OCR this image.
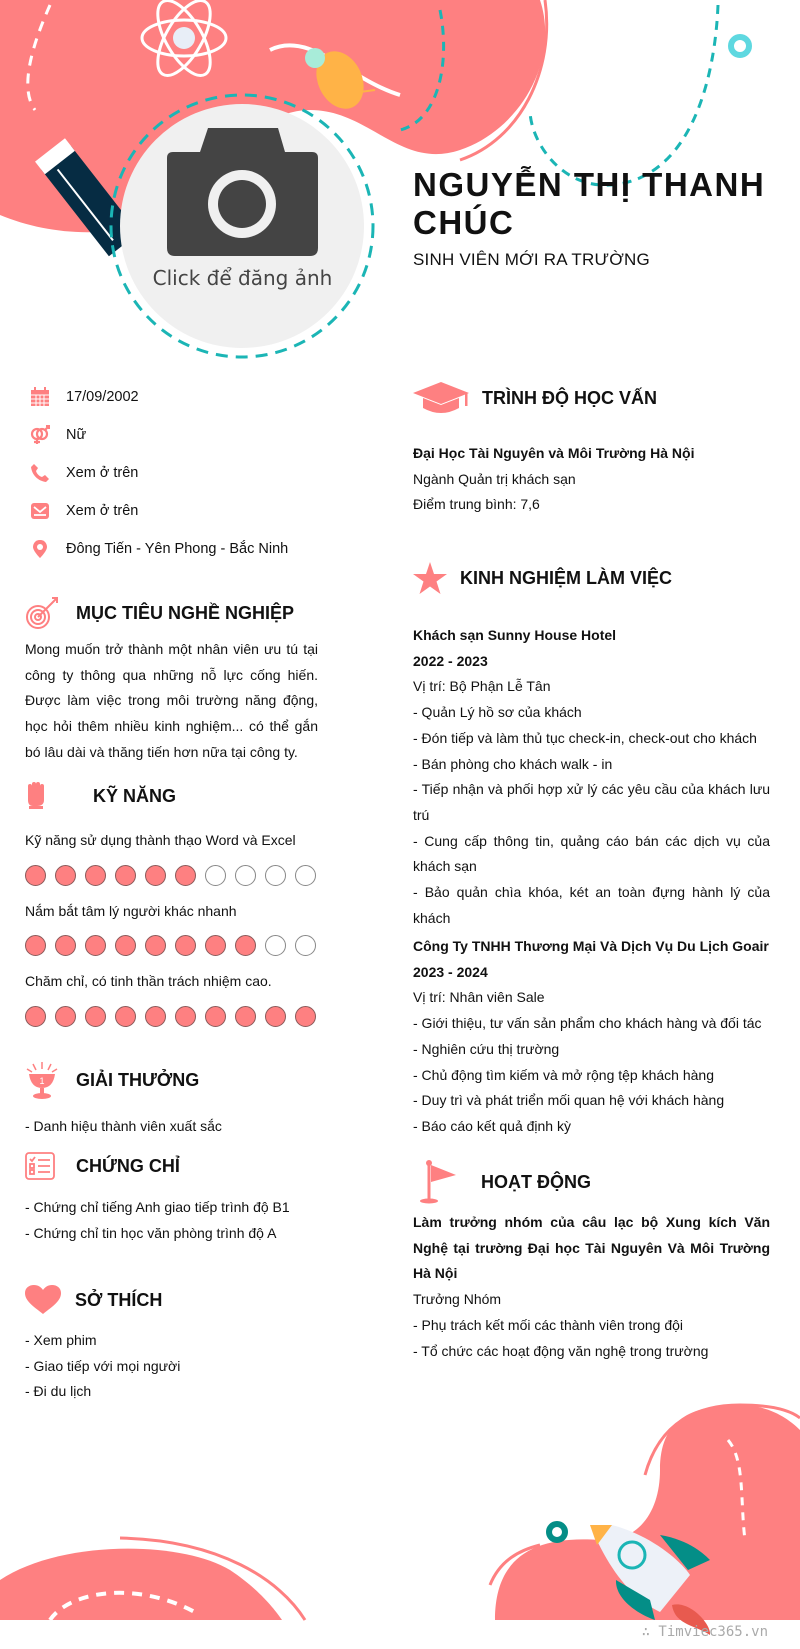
Click để đăng ảnh
NGUYỄN THỊ THANH CHÚC
SINH VIÊN MỚI RA TRƯỜNG
17/09/2002
Nữ
Xem ở trên
Xem ở trên
Đông Tiến - Yên Phong - Bắc Ninh
MỤC TIÊU NGHỀ NGHIỆP
Mong muốn trở thành một nhân viên ưu tú tại công ty thông qua những nỗ lực cống hiến. Được làm việc trong môi trường năng động, học hỏi thêm nhiều kinh nghiệm... có thể gắn bó lâu dài và thăng tiến hơn nữa tại công ty.
KỸ NĂNG
Kỹ năng sử dụng thành thạo Word và Excel
Nắm bắt tâm lý người khác nhanh
Chăm chỉ, có tinh thần trách nhiệm cao.
1 GIẢI THƯỞNG
- Danh hiệu thành viên xuất sắc
CHỨNG CHỈ
- Chứng chỉ tiếng Anh giao tiếp trình độ B1
- Chứng chỉ tin học văn phòng trình độ A
SỞ THÍCH
- Xem phim
- Giao tiếp với mọi người
- Đi du lịch
TRÌNH ĐỘ HỌC VẤN
Đại Học Tài Nguyên và Môi Trường Hà Nội
Ngành Quản trị khách sạn
Điểm trung bình: 7,6
KINH NGHIỆM LÀM VIỆC
Khách sạn Sunny House Hotel
2022 - 2023
Vị trí: Bộ Phận Lễ Tân
- Quản Lý hồ sơ của khách
- Đón tiếp và làm thủ tục check-in, check-out cho khách
- Bán phòng cho khách walk - in
- Tiếp nhận và phối hợp xử lý các yêu cầu của khách lưu trú
- Cung cấp thông tin, quảng cáo bán các dịch vụ của khách sạn
- Bảo quản chìa khóa, két an toàn đựng hành lý của khách
Công Ty TNHH Thương Mại Và Dịch Vụ Du Lịch Goair
2023 - 2024
Vị trí: Nhân viên Sale
- Giới thiệu, tư vấn sản phẩm cho khách hàng và đối tác
- Nghiên cứu thị trường
- Chủ động tìm kiếm và mở rộng tệp khách hàng
- Duy trì và phát triển mối quan hệ với khách hàng
- Báo cáo kết quả định kỳ
HOẠT ĐỘNG
Làm trưởng nhóm của câu lạc bộ Xung kích Văn Nghệ tại trường Đại học Tài Nguyên Và Môi Trường Hà Nội
Trưởng Nhóm
- Phụ trách kết mối các thành viên trong đội
- Tổ chức các hoạt động văn nghệ trong trường
∴ Timviec365.vn
